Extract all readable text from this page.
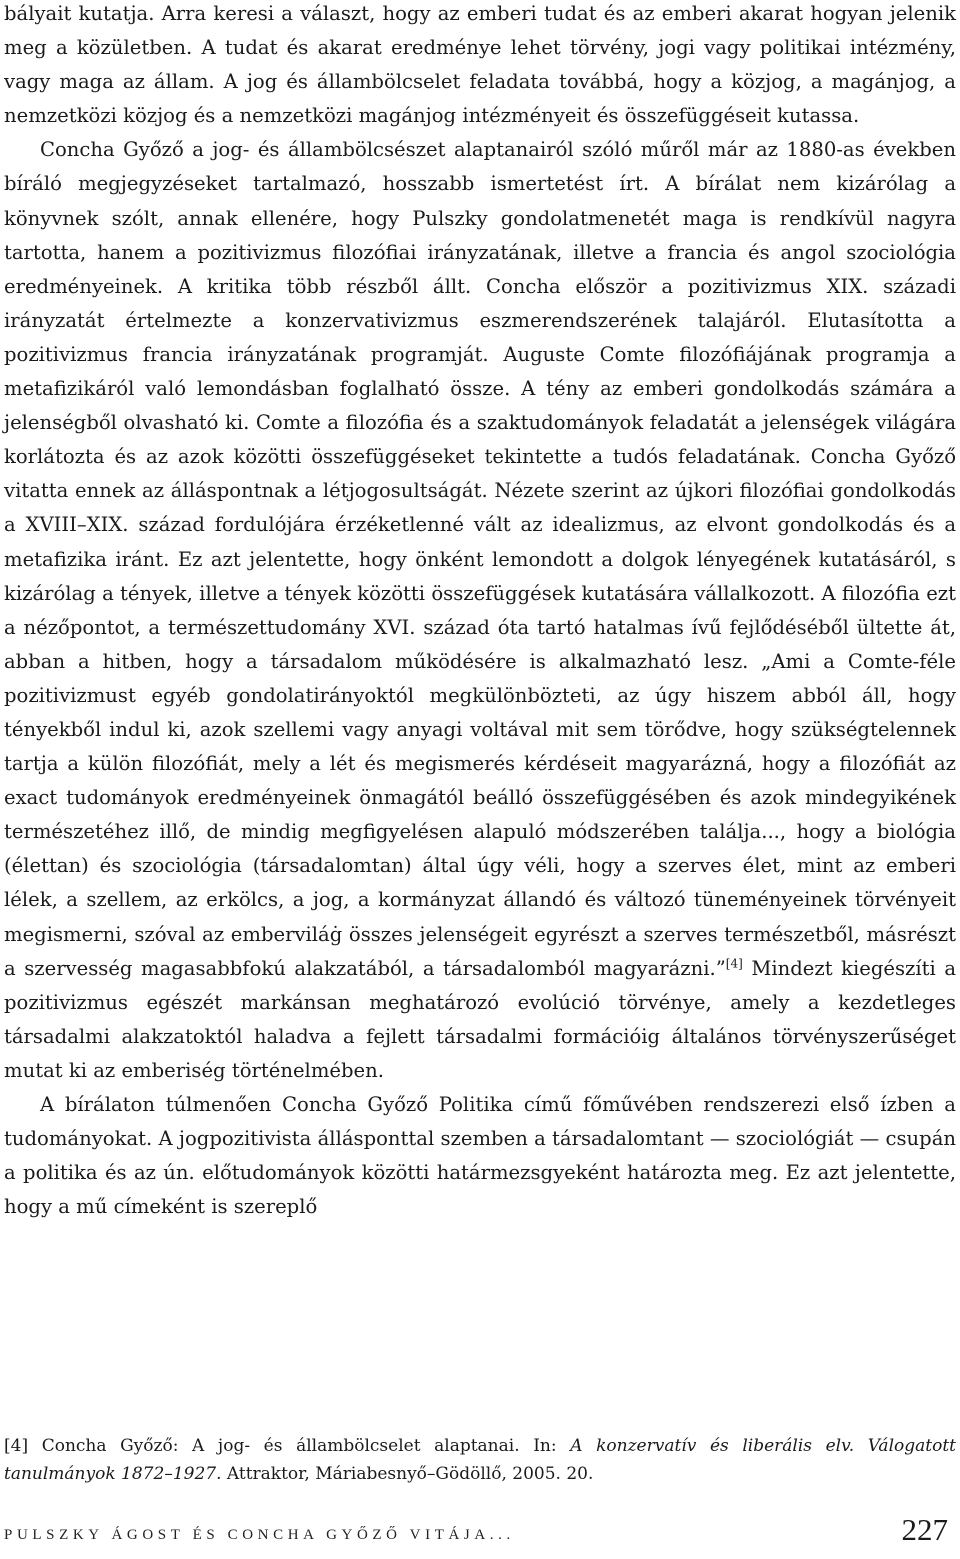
bályait kutatja. Arra keresi a választ, hogy az emberi tudat és az emberi akarat hogyan jelenik meg a közületben. A tudat és akarat eredménye lehet törvény, jogi vagy politikai intézmény, vagy maga az állam. A jog és állambölcselet feladata továbbá, hogy a közjog, a magánjog, a nemzetközi közjog és a nemzetközi magánjog intézményeit és összefüggéseit kutassa.

Concha Győző a jog- és állambölcsészet alaptanairól szóló műről már az 1880-as években bíráló megjegyzéseket tartalmazó, hosszabb ismertetést írt. A bírálat nem kizárólag a könyvnek szólt, annak ellenére, hogy Pulszky gondolatmenetét maga is rendkívül nagyra tartotta, hanem a pozitivizmus filozófiai irányzatának, illetve a francia és angol szociológia eredményeinek. A kritika több részből állt. Concha először a pozitivizmus XIX. századi irányzatát értelmezte a konzervativizmus eszmerendszerének talajáról. Elutasította a pozitivizmus francia irányzatának programját. Auguste Comte filozófiájának programja a metafizikáról való lemondásban foglalható össze. A tény az emberi gondolkodás számára a jelenségből olvasható ki. Comte a filozófia és a szaktudományok feladatát a jelenségek világára korlátozta és az azok közötti összefüggéseket tekintette a tudós feladatának. Concha Győző vitatta ennek az álláspontnak a létjogosultságát. Nézete szerint az újkori filozófiai gondolkodás a XVIII–XIX. század fordulójára érzéketlenné vált az idealizmus, az elvont gondolkodás és a metafizika iránt. Ez azt jelentette, hogy önként lemondott a dolgok lényegének kutatásáról, s kizárólag a tények, illetve a tények közötti összefüggések kutatására vállalkozott. A filozófia ezt a nézőpontot, a természettudomány XVI. század óta tartó hatalmas ívű fejlődéséből ültette át, abban a hitben, hogy a társadalom működésére is alkalmazható lesz. „Ami a Comte-féle pozitivizmust egyéb gondolatirányoktól megkülönbözteti, az úgy hiszem abból áll, hogy tényekből indul ki, azok szellemi vagy anyagi voltával mit sem törődve, hogy szükségtelennek tartja a külön filozófiát, mely a lét és megismerés kérdéseit magyarázná, hogy a filozófiát az exact tudományok eredményeinek önmagától beálló összefüggésében és azok mindegyikének természetéhez illő, de mindig megfigyelésen alapuló módszerében találja..., hogy a biológia (élettan) és szociológia (társadalomtan) által úgy véli, hogy a szerves élet, mint az emberi lélek, a szellem, az erkölcs, a jog, a kormányzat állandó és változó tüneményeinek törvényeit megismerni, szóval az emberviláġ összes jelenségeit egyrészt a szerves természetből, másrészt a szervesség magasabbfokú alakzatából, a társadalomból magyarázni.”[4] Mindezt kiegészíti a pozitivizmus egészét markánsan meghatározó evolúció törvénye, amely a kezdetleges társadalmi alakzatoktól haladva a fejlett társadalmi formációig általános törvényszerűséget mutat ki az emberiség történelmében.

A bírálaton túlmenően Concha Győző Politika című főművében rendszerezi első ízben a tudományokat. A jogpozitivista állásponttal szemben a társadalomtant — szociológiát — csupán a politika és az ún. előtudományok közötti határmezsgyeként határozta meg. Ez azt jelentette, hogy a mű címeként is szereplő

[4] Concha Győző: A jog- és állambölcselet alaptanai. In: A konzervatív és liberális elv. Válogatott tanulmányok 1872–1927. Attraktor, Máriabesnyő–Gödöllő, 2005. 20.

PULSZKY ÁGOST ÉS CONCHA GYŐZŐ VITÁJA...	227
